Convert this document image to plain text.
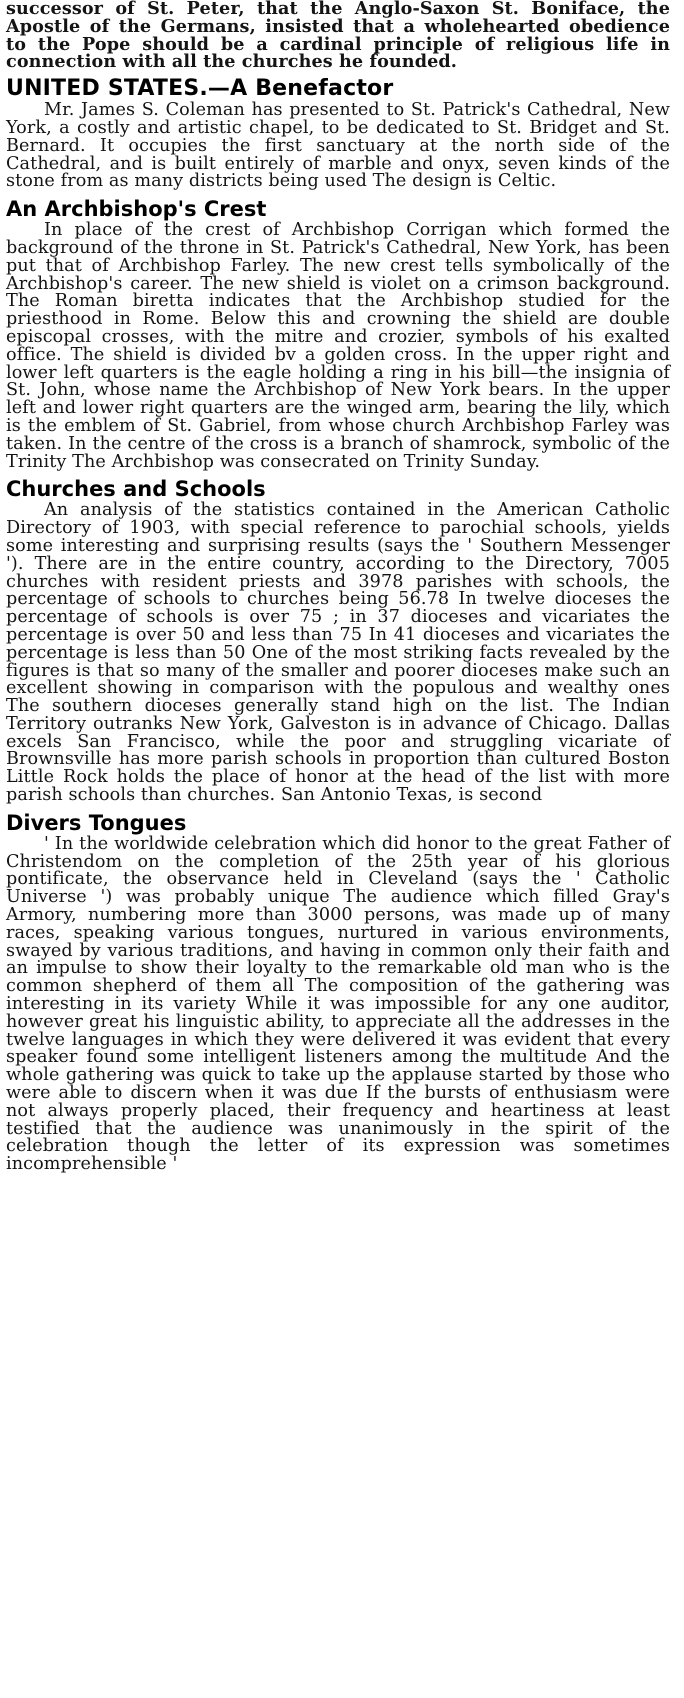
successor of St. Peter, that the Anglo-Saxon St. Boniface, the Apostle of the Germans, insisted that a wholehearted obedience to the Pope should be a cardinal principle of religious life in connection with all the churches he founded.

UNITED STATES.—A Benefactor

Mr. James S. Coleman has presented to St. Patrick's Cathedral, New York, a costly and artistic chapel, to be dedicated to St. Bridget and St. Bernard. It occupies the first sanctuary at the north side of the Cathedral, and is built entirely of marble and onyx, seven kinds of the stone from as many districts being used The design is Celtic.

An Archbishop's Crest

In place of the crest of Archbishop Corrigan which formed the background of the throne in St. Patrick's Cathedral, New York, has been put that of Archbishop Farley. The new crest tells symbolically of the Archbishop's career. The new shield is violet on a crimson background. The Roman biretta indicates that the Archbishop studied for the priesthood in Rome. Below this and crowning the shield are double episcopal crosses, with the mitre and crozier, symbols of his exalted office. The shield is divided bv a golden cross. In the upper right and lower left quarters is the eagle holding a ring in his bill—the insignia of St. John, whose name the Archbishop of New York bears. In the upper left and lower right quarters are the winged arm, bearing the lily, which is the emblem of St. Gabriel, from whose church Archbishop Farley was taken. In the centre of the cross is a branch of shamrock, symbolic of the Trinity The Archbishop was consecrated on Trinity Sunday.

Churches and Schools

An analysis of the statistics contained in the American Catholic Directory of 1903, with special reference to parochial schools, yields some interesting and surprising results (says the ' Southern Messenger '). There are in the entire country, according to the Directory, 7005 churches with resident priests and 3978 parishes with schools, the percentage of schools to churches being 56.78 In twelve dioceses the percentage of schools is over 75 ; in 37 dioceses and vicariates the percentage is over 50 and less than 75 In 41 dioceses and vicariates the percentage is less than 50 One of the most striking facts revealed by the figures is that so many of the smaller and poorer dioceses make such an excellent showing in comparison with the populous and wealthy ones The southern dioceses generally stand high on the list. The Indian Territory outranks New York, Galveston is in advance of Chicago. Dallas excels San Francisco, while the poor and struggling vicariate of Brownsville has more parish schools in proportion than cultured Boston Little Rock holds the place of honor at the head of the list with more parish schools than churches. San Antonio Texas, is second

Divers Tongues

' In the worldwide celebration which did honor to the great Father of Christendom on the completion of the 25th year of his glorious pontificate, the observance held in Cleveland (says the ' Catholic Universe ') was probably unique The audience which filled Gray's Armory, numbering more than 3000 persons, was made up of many races, speaking various tongues, nurtured in various environments, swayed by various traditions, and having in common only their faith and an impulse to show their loyalty to the remarkable old man who is the common shepherd of them all The composition of the gathering was interesting in its variety While it was impossible for any one auditor, however great his linguistic ability, to appreciate all the addresses in the twelve languages in which they were delivered it was evident that every speaker found some intelligent listeners among the multitude And the whole gathering was quick to take up the applause started by those who were able to discern when it was due If the bursts of enthusiasm were not always properly placed, their frequency and heartiness at least testified that the audience was unanimously in the spirit of the celebration though the letter of its expression was sometimes incomprehensible '
